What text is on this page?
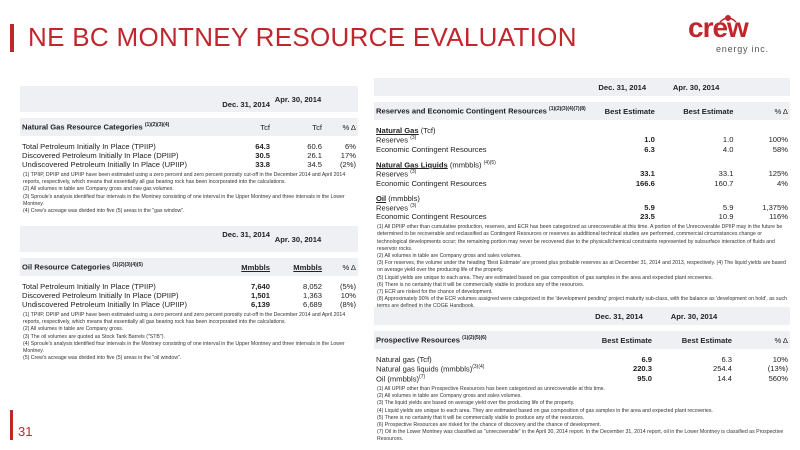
NE BC MONTNEY RESOURCE EVALUATION	crew
energy inc.
	Dec. 31, 2014	Apr. 30, 2014	

Natural Gas Resource Categories $^{(1)(2)(3)(4)}$	Tcf	Tcf	% Δ

Total Petroleum Initially In Place (TPIIP)	64.3	60.6	6%
Discovered Petroleum Initially In Place (DPIIP)	30.5	26.1	17%
Undiscovered Petroleum Initially In Place (UPIIP)	33.8	34.5	(2%)

(1) TPIIP, DPIIP and UPIIP have been estimated using a zero percent and zero percent porosity cut-off in the December 2014 and April 2014 reports, respectively, which means that essentially all gas bearing rock has been incorporated into the calculations.

(2) All volumes in table are Company gross and raw gas volumes.

(3) Sproule's analysis identified four intervals in the Montney consisting of one interval in the Upper Montney and three intervals in the Lower Montney.

(4) Crew's acreage was divided into five (5) areas in the "gas window".

	Dec. 31, 2014	Apr. 30, 2014	

Oil Resource Categories $^{(1)(2)(3)(4)(5)}$	Mmbbls	Mmbbls	% Δ

Total Petroleum Initially In Place (TPIIP)	7,640	8,052	(5%)
Discovered Petroleum Initially In Place (DPIIP)	1,501	1,363	10%
Undiscovered Petroleum Initially In Place (UPIIP)	6,139	6,689	(8%)

(1) TPIIP, DPIIP and UPIIP have been estimated using a zero percent and zero percent porosity cut-off in the December 2014 and April 2014 reports, respectively, which means that essentially all gas bearing rock has been incorporated into the calculations.

(2) All volumes in table are Company gross.

(3) The oil volumes are quoted as Stock Tank Barrels ("STB").

(4) Sproule's analysis identified four intervals in the Montney consisting of one interval in the Upper Montney and three intervals in the Lower Montney.

(5) Crew's acreage was divided into five (5) areas in the "oil window".

	Dec. 31, 2014	Apr. 30, 2014	

Reserves and Economic Contingent Resources $^{(1)(2)(3)(4)(7)(8)}$	Best Estimate	Best Estimate	% Δ

Natural Gas (Tcf)			
Reserves $^{(3)}$	1.0	1.0	100%
Economic Contingent Resources	6.3	4.0	58%

Natural Gas Liquids (mmbbls) $^{(4)(5)}$			
Reserves $^{(3)}$	33.1	33.1	125%
Economic Contingent Resources	166.6	160.7	4%

Oil (mmbbls)			
Reserves $^{(3)}$	5.9	5.9	1,375%
Economic Contingent Resources	23.5	10.9	116%

(1) All DPIIP other than cumulative production, reserves, and ECR has been categorized as unrecoverable at this time. A portion of the Unrecoverable DPIIP may in the future be determined to be recoverable and reclassified as Contingent Resources or reserves as additional technical studies are performed, commercial circumstances change or technological developments occur; the remaining portion may never be recovered due to the physical/chemical constraints represented by subsurface interaction of fluids and reservoir rocks.

(2) All volumes in table are Company gross and sales volumes.

(3) For reserves, the volume under the heading 'Best Estimate' are proved plus probable reserves as at December 31, 2014 and 2013, respectively. (4) The liquid yields are based on average yield over the producing life of the property.

(5) Liquid yields are unique to each area. They are estimated based on gas composition of gas samples in the area and expected plant recoveries.

(6) There is no certainty that it will be commercially viable to produce any of the resources.

(7) ECR are risked for the chance of development.

(8) Approximately 90% of the ECR volumes assigned were categorized in the 'development pending' project maturity sub-class, with the balance as 'development on hold', as such

	Dec. 31, 2014	Apr. 30, 2014	

Prospective Resources $^{(1)(2)(5)(6)}$	Best Estimate	Best Estimate	% Δ

Natural gas (Tcf)	6.9	6.3	10%
Natural gas liquids (mmbbls)$^{(3)(4)}$	220.3	254.4	(13%)
Oil (mmbbls)$^{(7)}$	95.0	14.4	560%

(1) All UPIIP other than Prospective Resources has been categorized as unrecoverable at this time.

(2) All volumes in table are Company gross and sales volumes.

(3) The liquid yields are based on average yield over the producing life of the property.

(4) Liquid yields are unique to each area. They are estimated based on gas composition of gas samples in the area and expected plant recoveries.

(5) There is no certainty that it will be commercially viable to produce any of the resources.

(6) Prospective Resources are risked for the chance of discovery and the chance of development.

(7) Oil in the Lower Montney was classified as "unrecoverable" in the April 30, 2014 report. In the December 31, 2014 report, oil in the Lower Montney is classified as Prospective Resources.

31
